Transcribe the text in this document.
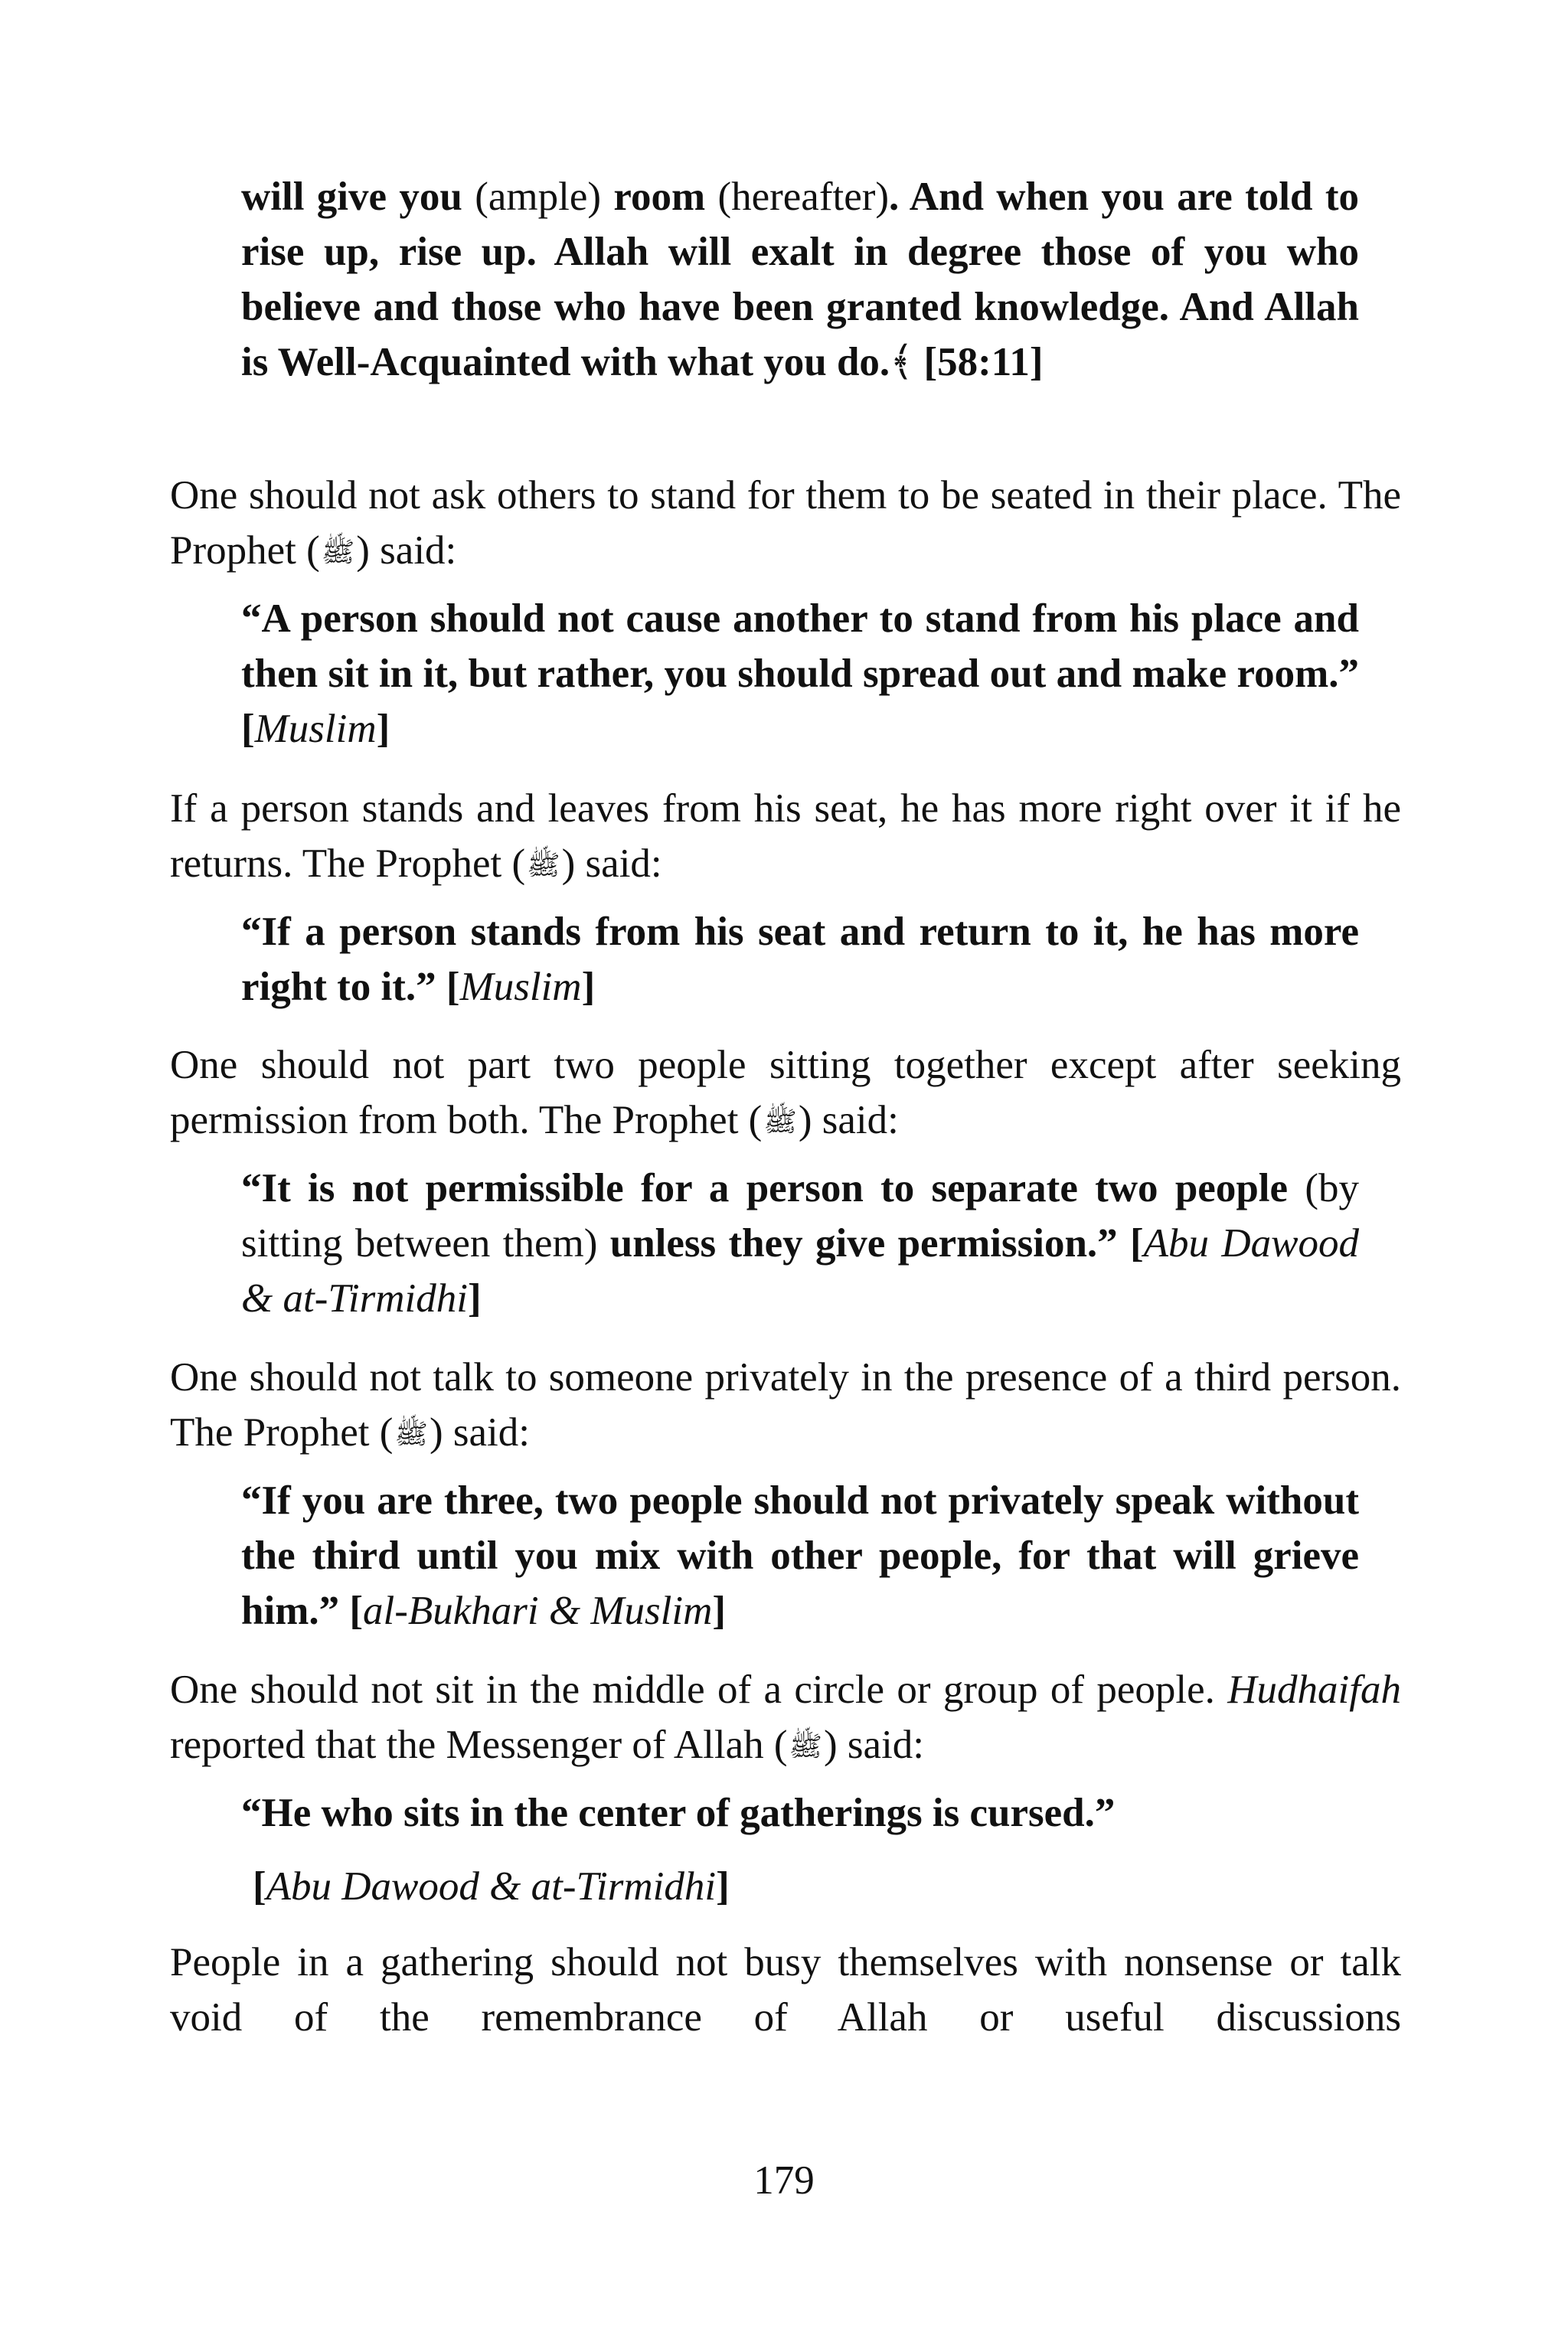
will give you (ample) room (hereafter). And when you are told to rise up, rise up. Allah will exalt in degree those of you who believe and those who have been granted knowledge. And Allah is Well-Acquainted with what you do.﴾ [58:11]

One should not ask others to stand for them to be seated in their place. The Prophet (ﷺ) said:

“A person should not cause another to stand from his place and then sit in it, but rather, you should spread out and make room.” [Muslim]

If a person stands and leaves from his seat, he has more right over it if he returns. The Prophet (ﷺ) said:

“If a person stands from his seat and return to it, he has more right to it.” [Muslim]

One should not part two people sitting together except after seeking permission from both. The Prophet (ﷺ) said:

“It is not permissible for a person to separate two people (by sitting between them) unless they give permission.” [Abu Dawood & at-Tirmidhi]

One should not talk to someone privately in the presence of a third person. The Prophet (ﷺ) said:

“If you are three, two people should not privately speak without the third until you mix with other people, for that will grieve him.” [al-Bukhari & Muslim]

One should not sit in the middle of a circle or group of people. Hudhaifah reported that the Messenger of Allah (ﷺ) said:

“He who sits in the center of gatherings is cursed.”

[Abu Dawood & at-Tirmidhi]

People in a gathering should not busy themselves with nonsense or talk void of the remembrance of Allah or useful discussions

179
